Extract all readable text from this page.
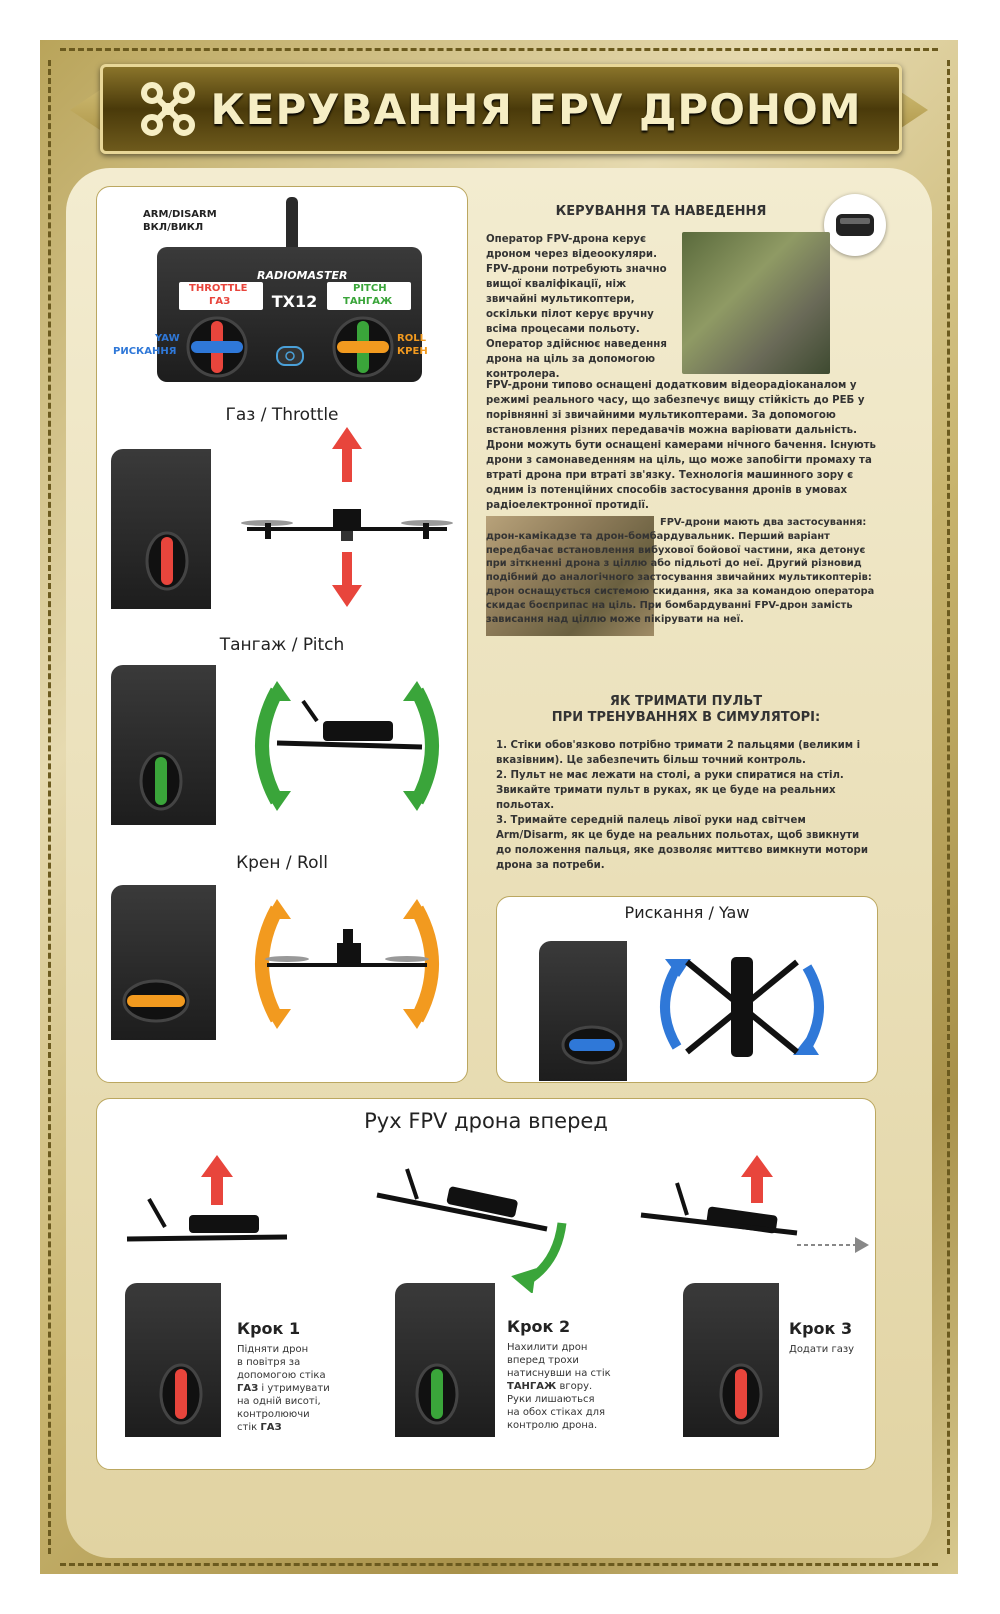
КЕРУВАННЯ FPV ДРОНОМ
ARM/DISARM
ВКЛ/ВИКЛ
RADIOMASTER
TX12
THROTTLE
ГАЗ
PITCH
ТАНГАЖ
YAW
РИСКАННЯ
ROLL
КРЕН
Газ / Throttle
Тангаж / Pitch
Крен / Roll
КЕРУВАННЯ ТА НАВЕДЕННЯ

Оператор FPV-дрона керує дроном через відеоокуляри. FPV-дрони потребують значно вищої кваліфікації, ніж звичайні мультикоптери, оскільки пілот керує вручну всіма процесами польоту. Оператор здійснює наведення дрона на ціль за допомогою контролера.

FPV-дрони типово оснащені додатковим відеорадіоканалом у режимі реального часу, що забезпечує вищу стійкість до РЕБ у порівнянні зі звичайними мультикоптерами. За допомогою встановлення різних передавачів можна варіювати дальність. Дрони можуть бути оснащені камерами нічного бачення. Існують дрони з самонаведенням на ціль, що може запобігти промаху та втраті дрона при втраті зв'язку. Технологія машинного зору є одним із потенційних способів застосування дронів в умовах радіоелектронної протидії.

FPV-дрони мають два застосування: дрон-камікадзе та дрон-бомбардувальник. Перший варіант передбачає встановлення вибухової бойової частини, яка детонує при зіткненні дрона з ціллю або підльоті до неї. Другий різновид подібний до аналогічного застосування звичайних мультикоптерів: дрон оснащується системою скидання, яка за командою оператора скидає боєприпас на ціль. При бомбардуванні FPV-дрон замість зависання над ціллю може пікірувати на неї.

ЯК ТРИМАТИ ПУЛЬТ
ПРИ ТРЕНУВАННЯХ В СИМУЛЯТОРІ:
1. Стіки обов'язково потрібно тримати 2 пальцями (великим і вказівним). Це забезпечить більш точний контроль.
2. Пульт не має лежати на столі, а руки спиратися на стіл. Звикайте тримати пульт в руках, як це буде на реальних польотах.
3. Тримайте середній палець лівої руки над світчем Arm/Disarm, як це буде на реальних польотах, щоб звикнути до положення пальця, яке дозволяє миттєво вимкнути мотори дрона за потреби.
Рискання / Yaw
Рух FPV дрона вперед
Крок 1
Підняти дрон
в повітря за
допомогою стіка
ГАЗ і утримувати
на одній висоті,
контролюючи
стік ГАЗ
Крок 2
Нахилити дрон
вперед трохи
натиснувши на стік
ТАНГАЖ вгору.
Руки лишаються
на обох стіках для
контролю дрона.
Крок 3
Додати газу
